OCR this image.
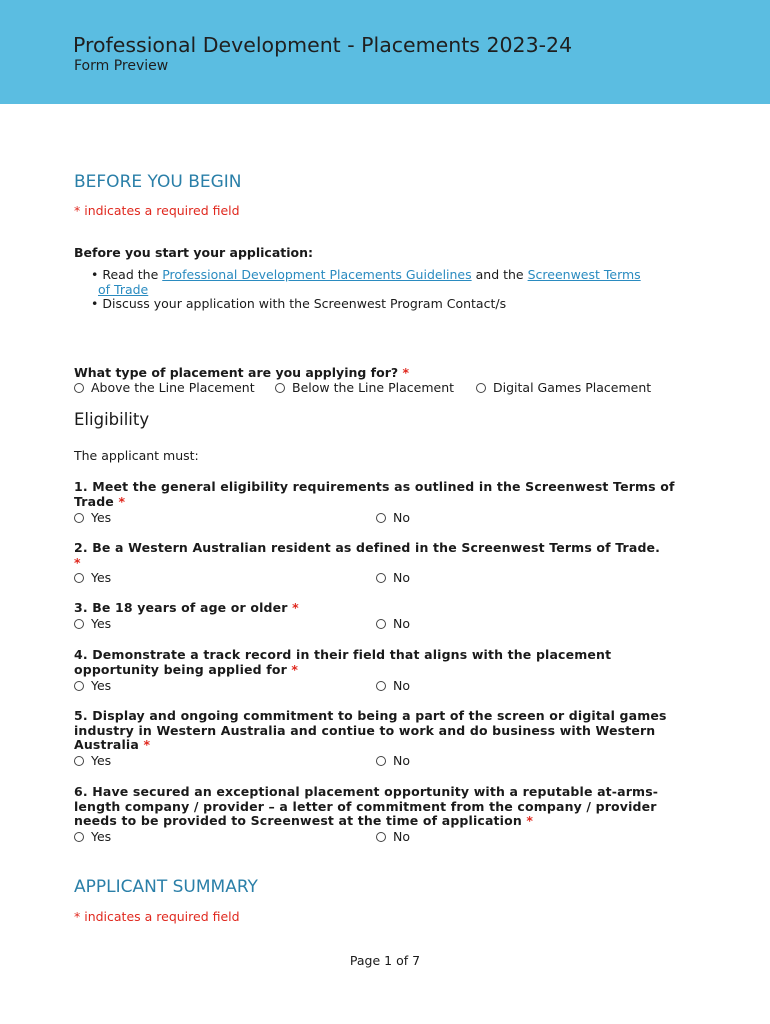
Professional Development - Placements 2023-24
Form Preview
BEFORE YOU BEGIN
* indicates a required field
Before you start your application:
• Read the Professional Development Placements Guidelines and the Screenwest Terms
of Trade
• Discuss your application with the Screenwest Program Contact/s
What type of placement are you applying for? *
Above the Line Placement	Below the Line Placement	Digital Games Placement
Eligibility
The applicant must:
1. Meet the general eligibility requirements as outlined in the Screenwest Terms of Trade *
Yes	No
2. Be a Western Australian resident as defined in the Screenwest Terms of Trade.
*
Yes	No
3. Be 18 years of age or older *
Yes	No
4. Demonstrate a track record in their field that aligns with the placement opportunity being applied for *
Yes	No
5. Display and ongoing commitment to being a part of the screen or digital games industry in Western Australia and contiue to work and do business with Western Australia *
Yes	No
6. Have secured an exceptional placement opportunity with a reputable at-arms-length company / provider – a letter of commitment from the company / provider needs to be provided to Screenwest at the time of application *
Yes	No
APPLICANT SUMMARY
* indicates a required field
Page 1 of 7
